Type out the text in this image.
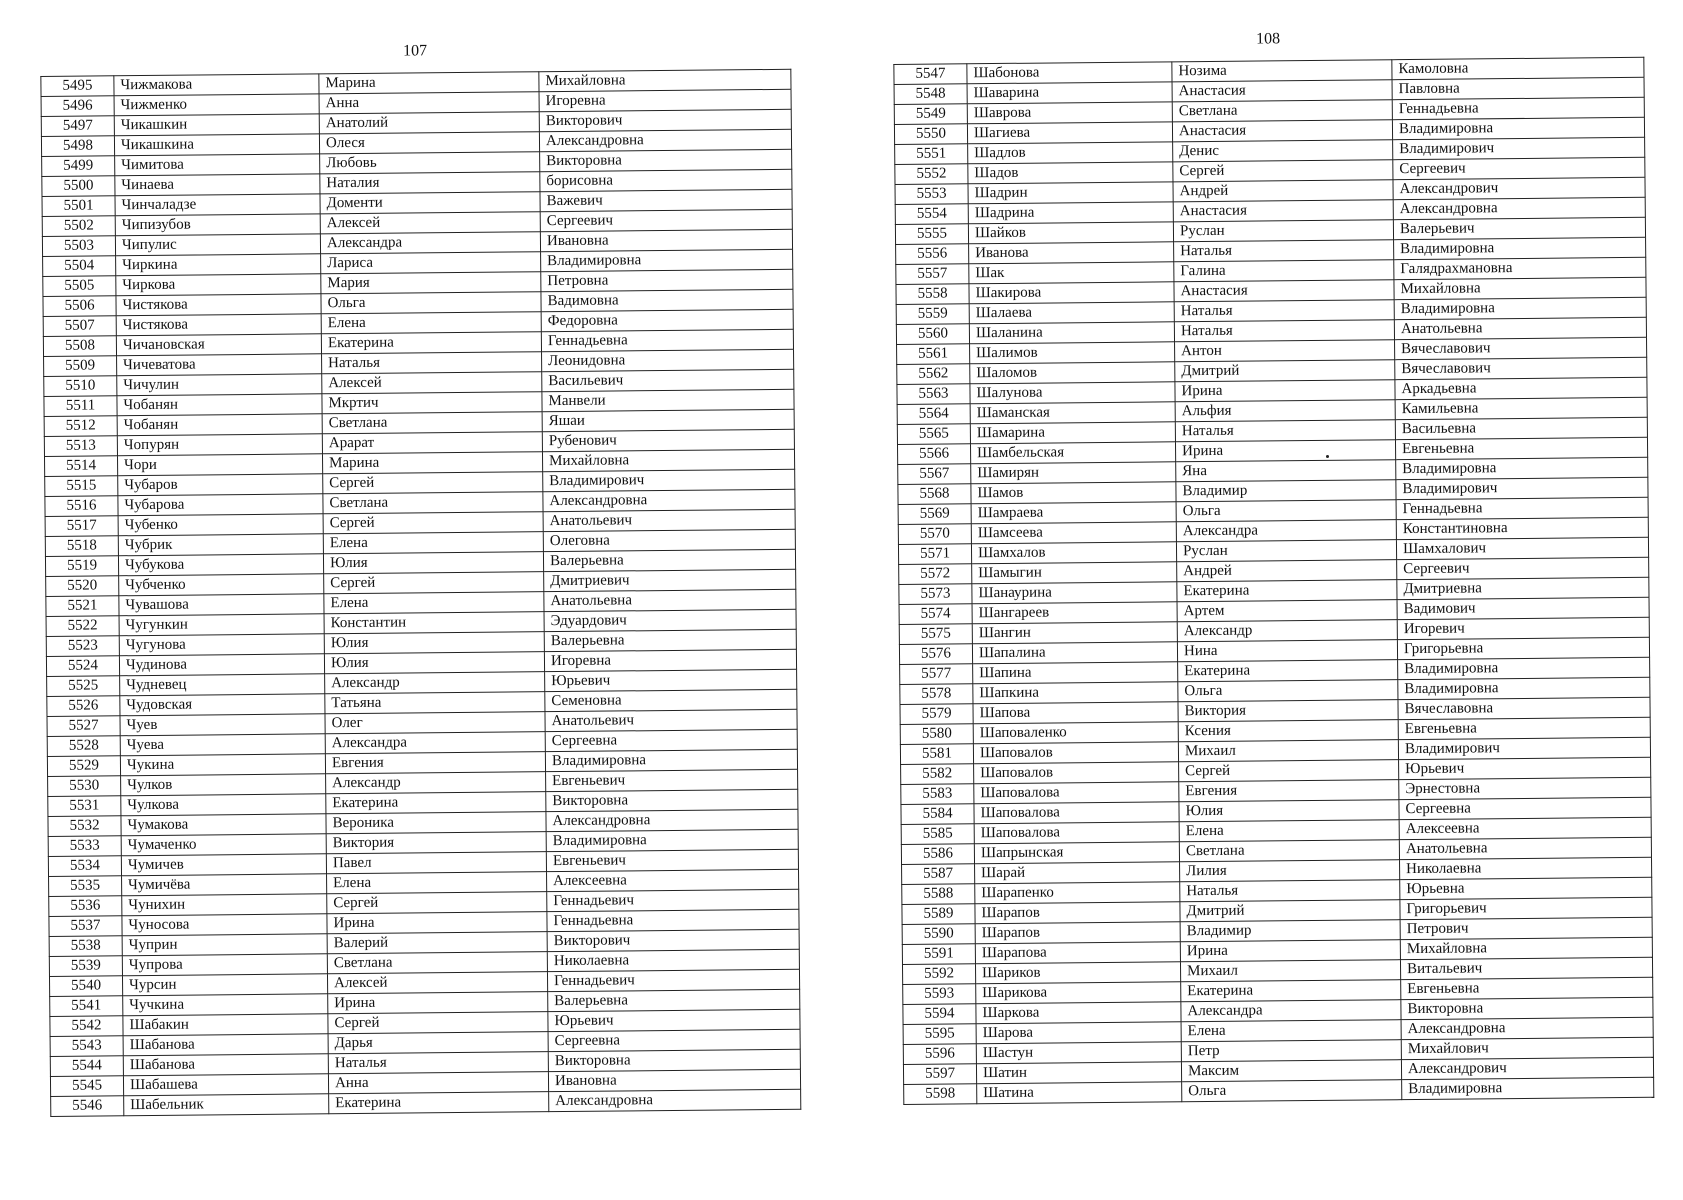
107
5495	Чижмакова	Марина	Михайловна
5496	Чижменко	Анна	Игоревна
5497	Чикашкин	Анатолий	Викторович
5498	Чикашкина	Олеся	Александровна
5499	Чимитова	Любовь	Викторовна
5500	Чинаева	Наталия	борисовна
5501	Чинчаладзе	Доменти	Важевич
5502	Чипизубов	Алексей	Сергеевич
5503	Чипулис	Александра	Ивановна
5504	Чиркина	Лариса	Владимировна
5505	Чиркова	Мария	Петровна
5506	Чистякова	Ольга	Вадимовна
5507	Чистякова	Елена	Федоровна
5508	Чичановская	Екатерина	Геннадьевна
5509	Чичеватова	Наталья	Леонидовна
5510	Чичулин	Алексей	Васильевич
5511	Чобанян	Мкртич	Манвели
5512	Чобанян	Светлана	Яшаи
5513	Чопурян	Арарат	Рубенович
5514	Чори	Марина	Михайловна
5515	Чубаров	Сергей	Владимирович
5516	Чубарова	Светлана	Александровна
5517	Чубенко	Сергей	Анатольевич
5518	Чубрик	Елена	Олеговна
5519	Чубукова	Юлия	Валерьевна
5520	Чубченко	Сергей	Дмитриевич
5521	Чувашова	Елена	Анатольевна
5522	Чугункин	Константин	Эдуардович
5523	Чугунова	Юлия	Валерьевна
5524	Чудинова	Юлия	Игоревна
5525	Чудневец	Александр	Юрьевич
5526	Чудовская	Татьяна	Семеновна
5527	Чуев	Олег	Анатольевич
5528	Чуева	Александра	Сергеевна
5529	Чукина	Евгения	Владимировна
5530	Чулков	Александр	Евгеньевич
5531	Чулкова	Екатерина	Викторовна
5532	Чумакова	Вероника	Александровна
5533	Чумаченко	Виктория	Владимировна
5534	Чумичев	Павел	Евгеньевич
5535	Чумичёва	Елена	Алексеевна
5536	Чунихин	Сергей	Геннадьевич
5537	Чуносова	Ирина	Геннадьевна
5538	Чуприн	Валерий	Викторович
5539	Чупрова	Светлана	Николаевна
5540	Чурсин	Алексей	Геннадьевич
5541	Чучкина	Ирина	Валерьевна
5542	Шабакин	Сергей	Юрьевич
5543	Шабанова	Дарья	Сергеевна
5544	Шабанова	Наталья	Викторовна
5545	Шабашева	Анна	Ивановна
5546	Шабельник	Екатерина	Александровна
108
5547	Шабонова	Нозима	Камоловна
5548	Шаварина	Анастасия	Павловна
5549	Шаврова	Светлана	Геннадьевна
5550	Шагиева	Анастасия	Владимировна
5551	Шадлов	Денис	Владимирович
5552	Шадов	Сергей	Сергеевич
5553	Шадрин	Андрей	Александрович
5554	Шадрина	Анастасия	Александровна
5555	Шайков	Руслан	Валерьевич
5556	Иванова	Наталья	Владимировна
5557	Шак	Галина	Галядрахмановна
5558	Шакирова	Анастасия	Михайловна
5559	Шалаева	Наталья	Владимировна
5560	Шаланина	Наталья	Анатольевна
5561	Шалимов	Антон	Вячеславович
5562	Шаломов	Дмитрий	Вячеславович
5563	Шалунова	Ирина	Аркадьевна
5564	Шаманская	Альфия	Камильевна
5565	Шамарина	Наталья	Васильевна
5566	Шамбельская	Ирина	Евгеньевна
5567	Шамирян	Яна	Владимировна
5568	Шамов	Владимир	Владимирович
5569	Шамраева	Ольга	Геннадьевна
5570	Шамсеева	Александра	Константиновна
5571	Шамхалов	Руслан	Шамхалович
5572	Шамыгин	Андрей	Сергеевич
5573	Шанаурина	Екатерина	Дмитриевна
5574	Шангареев	Артем	Вадимович
5575	Шангин	Александр	Игоревич
5576	Шапалина	Нина	Григорьевна
5577	Шапина	Екатерина	Владимировна
5578	Шапкина	Ольга	Владимировна
5579	Шапова	Виктория	Вячеславовна
5580	Шаповаленко	Ксения	Евгеньевна
5581	Шаповалов	Михаил	Владимирович
5582	Шаповалов	Сергей	Юрьевич
5583	Шаповалова	Евгения	Эрнестовна
5584	Шаповалова	Юлия	Сергеевна
5585	Шаповалова	Елена	Алексеевна
5586	Шапрынская	Светлана	Анатольевна
5587	Шарай	Лилия	Николаевна
5588	Шарапенко	Наталья	Юрьевна
5589	Шарапов	Дмитрий	Григорьевич
5590	Шарапов	Владимир	Петрович
5591	Шарапова	Ирина	Михайловна
5592	Шариков	Михаил	Витальевич
5593	Шарикова	Екатерина	Евгеньевна
5594	Шаркова	Александра	Викторовна
5595	Шарова	Елена	Александровна
5596	Шастун	Петр	Михайлович
5597	Шатин	Максим	Александрович
5598	Шатина	Ольга	Владимировна
